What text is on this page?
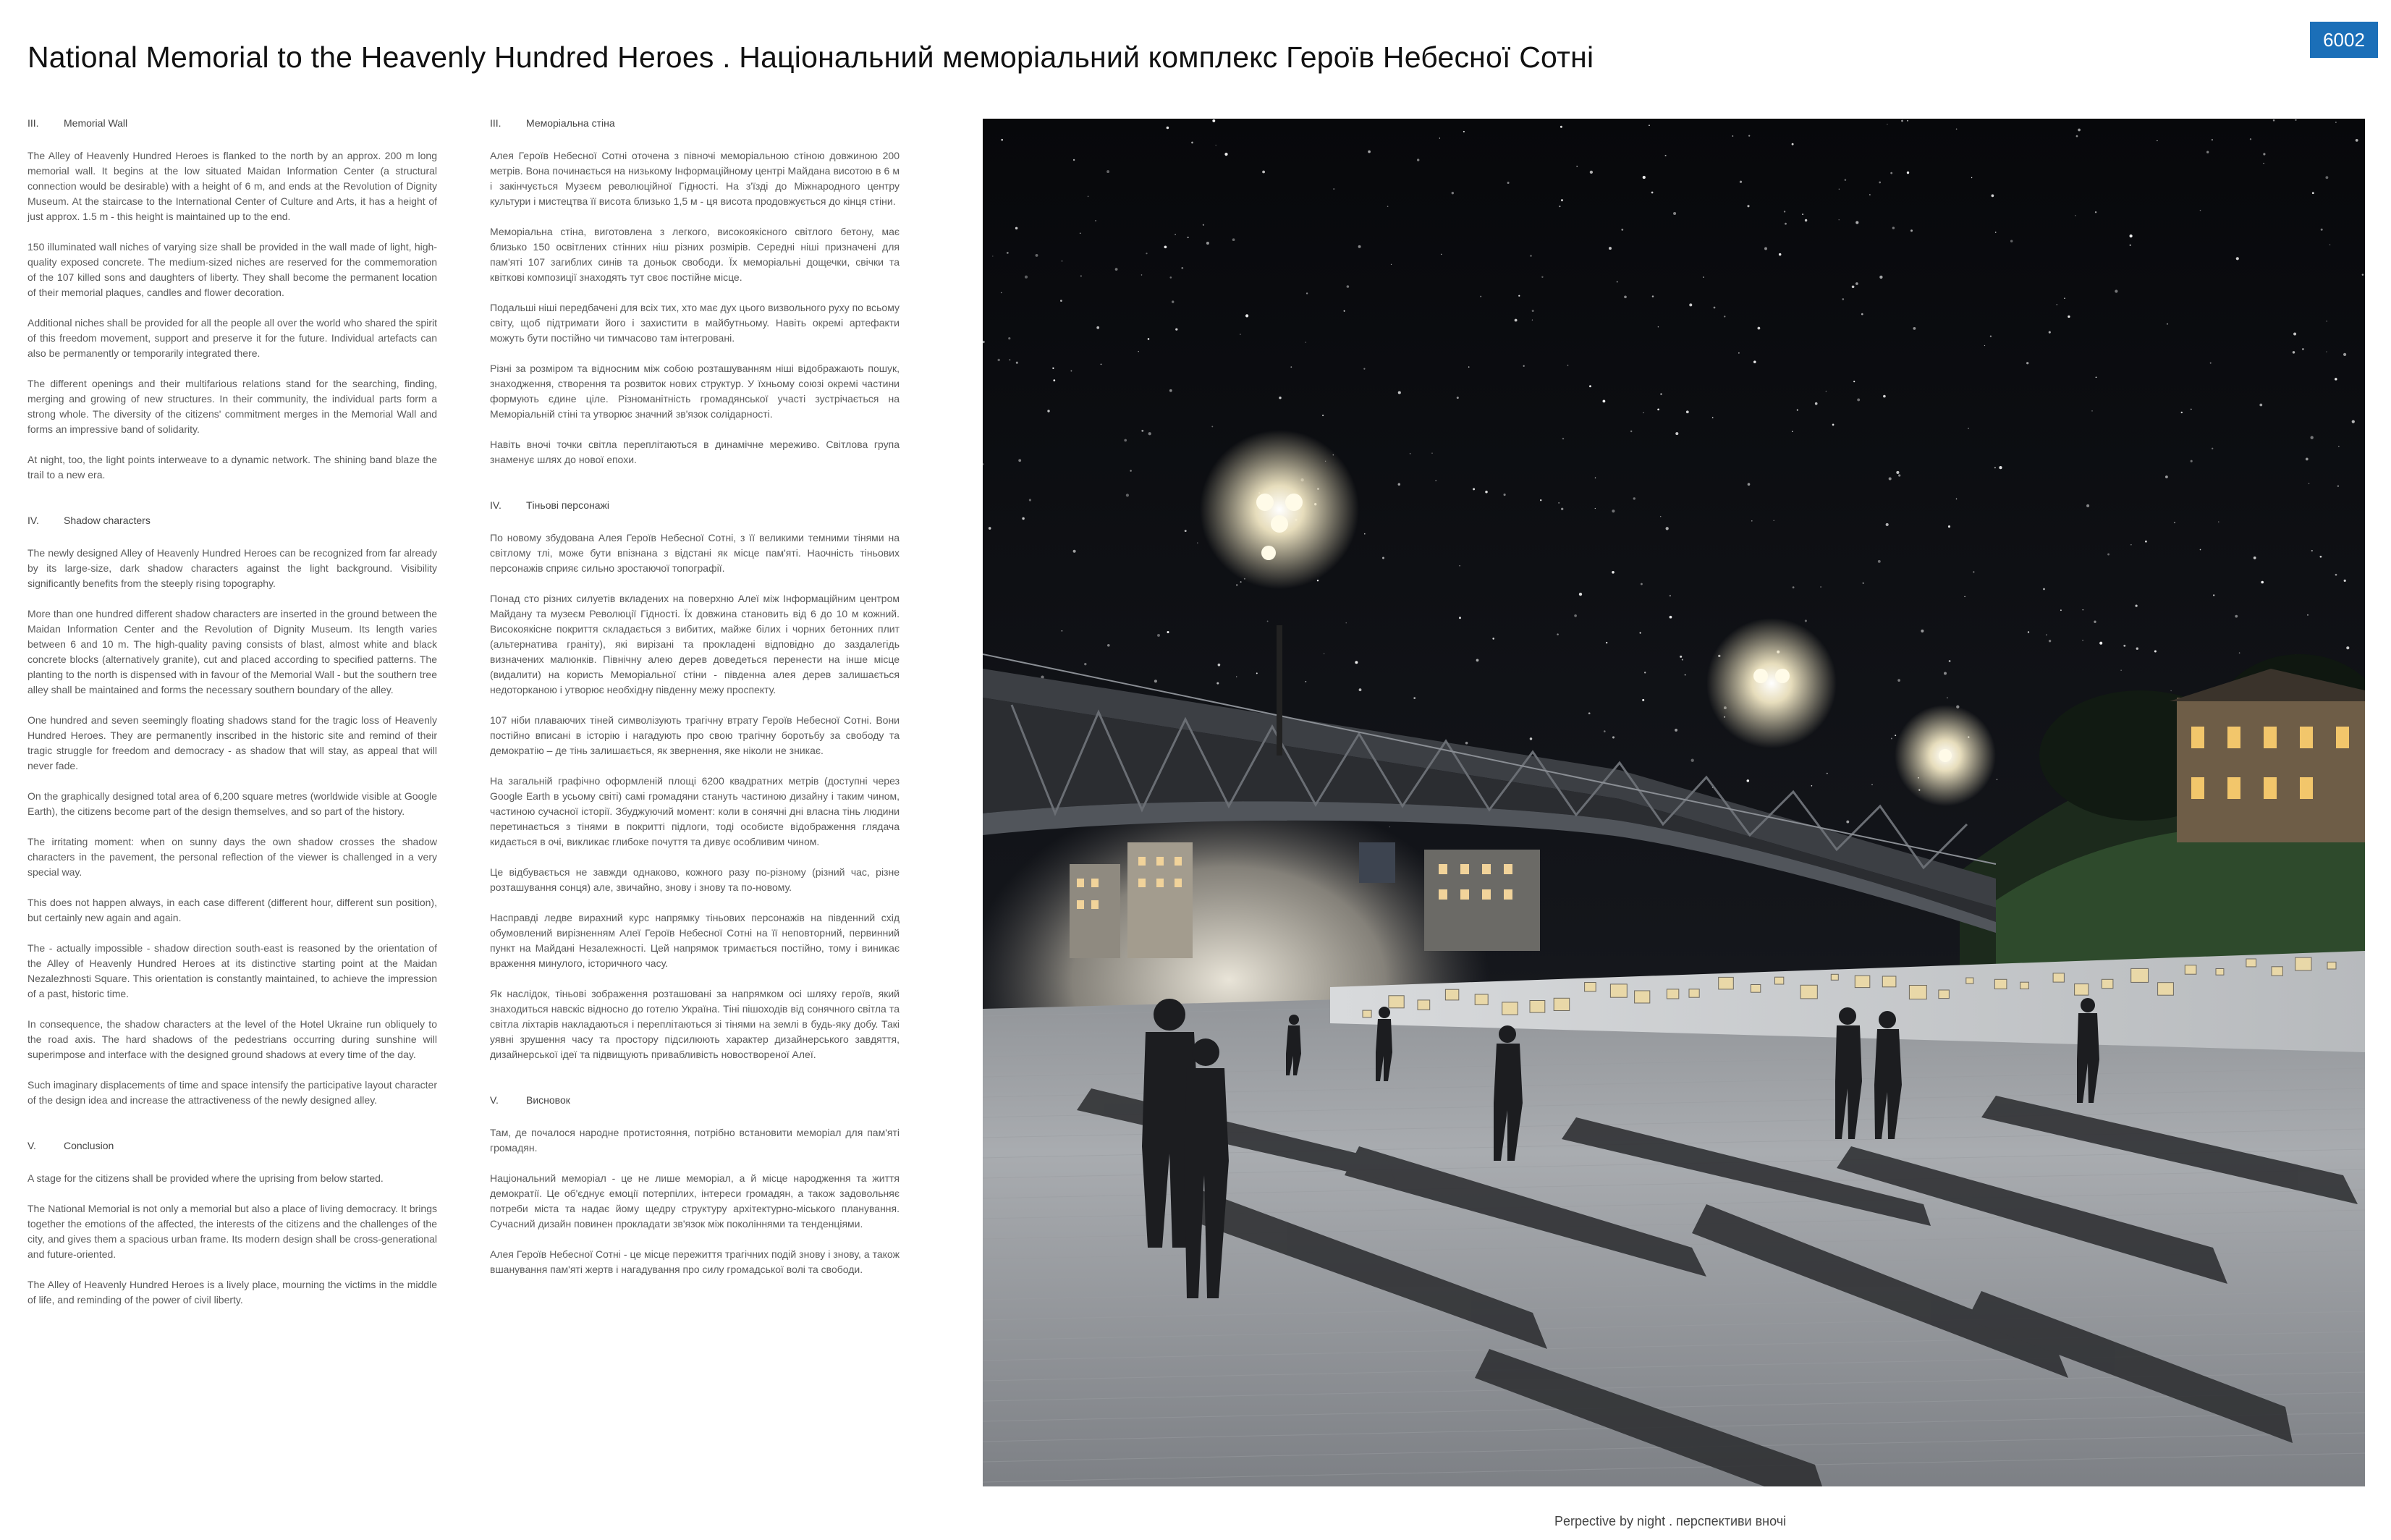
National Memorial to the Heavenly Hundred Heroes . Національний меморіальний комплекс Героїв Небесної Сотні
6002
III.	Memorial Wall

The Alley of Heavenly Hundred Heroes is flanked to the north by an approx. 200 m long memorial wall. It begins at the low situated Maidan Information Center (a structural connection would be desirable) with a height of 6 m, and ends at the Revolution of Dignity Museum. At the staircase to the International Center of Culture and Arts, it has a height of just approx. 1.5 m - this height is maintained up to the end.

150 illuminated wall niches of varying size shall be provided in the wall made of light, high-quality exposed concrete. The medium-sized niches are reserved for the commemoration of the 107 killed sons and daughters of liberty. They shall become the permanent location of their memorial plaques, candles and flower decoration.

Additional niches shall be provided for all the people all over the world who shared the spirit of this freedom movement, support and preserve it for the future. Individual artefacts can also be permanently or temporarily integrated there.

The different openings and their multifarious relations stand for the searching, finding, merging and growing of new structures. In their community, the individual parts form a strong whole. The diversity of the citizens' commitment merges in the Memorial Wall and forms an impressive band of solidarity.

At night, too, the light points interweave to a dynamic network. The shining band blaze the trail to a new era.

IV.	Shadow characters

The newly designed Alley of Heavenly Hundred Heroes can be recognized from far already by its large-size, dark shadow characters against the light background. Visibility significantly benefits from the steeply rising topography.

More than one hundred different shadow characters are inserted in the ground between the Maidan Information Center and the Revolution of Dignity Museum. Its length varies between 6 and 10 m. The high-quality paving consists of blast, almost white and black concrete blocks (alternatively granite), cut and placed according to specified patterns. The planting to the north is dispensed with in favour of the Memorial Wall - but the southern tree alley shall be maintained and forms the necessary southern boundary of the alley.

One hundred and seven seemingly floating shadows stand for the tragic loss of Heavenly Hundred Heroes. They are permanently inscribed in the historic site and remind of their tragic struggle for freedom and democracy - as shadow that will stay, as appeal that will never fade.

On the graphically designed total area of 6,200 square metres (worldwide visible at Google Earth), the citizens become part of the design themselves, and so part of the history.

The irritating moment: when on sunny days the own shadow crosses the shadow characters in the pavement, the personal reflection of the viewer is challenged in a very special way.

This does not happen always, in each case different (different hour, different sun position), but certainly new again and again.

The - actually impossible - shadow direction south-east is reasoned by the orientation of the Alley of Heavenly Hundred Heroes at its distinctive starting point at the Maidan Nezalezhnosti Square. This orientation is constantly maintained, to achieve the impression of a past, historic time.

In consequence, the shadow characters at the level of the Hotel Ukraine run obliquely to the road axis. The hard shadows of the pedestrians occurring during sunshine will superimpose and interface with the designed ground shadows at every time of the day.

Such imaginary displacements of time and space intensify the participative layout character of the design idea and increase the attractiveness of the newly designed alley.

V.	Conclusion

A stage for the citizens shall be provided where the uprising from below started.

The National Memorial is not only a memorial but also a place of living democracy. It brings together the emotions of the affected, the interests of the citizens and the challenges of the city, and gives them a spacious urban frame. Its modern design shall be cross-generational and future-oriented.

The Alley of Heavenly Hundred Heroes is a lively place, mourning the victims in the middle of life, and reminding of the power of civil liberty.

III.	Меморіальна стіна

Алея Героїв Небесної Сотні оточена з півночі меморіальною стіною довжиною 200 метрів. Вона починається на низькому Інформаційному центрі Майдана висотою в 6 м і закінчується Музеєм революційної Гідності. На з'їзді до Міжнародного центру культури і мистецтва її висота близько 1,5 м - ця висота продовжується до кінця стіни.

Меморіальна стіна, виготовлена з легкого, високоякісного світлого бетону, має близько 150 освітлених стінних ніш різних розмірів. Середні ніші призначені для пам'яті 107 загиблих синів та доньок свободи. Їх меморіальні дощечки, свічки та квіткові композиції знаходять тут своє постійне місце.

Подальші ніші передбачені для всіх тих, хто має дух цього визвольного руху по всьому світу, щоб підтримати його і захистити в майбутньому. Навіть окремі артефакти можуть бути постійно чи тимчасово там інтегровані.

Різні за розміром та відносним між собою розташуванням ніші відображають пошук, знаходження, створення та розвиток нових структур. У їхньому союзі окремі частини формують єдине ціле. Різноманітність громадянської участі зустрічається на Меморіальній стіні та утворює значний зв'язок солідарності.

Навіть вночі точки світла переплітаються в динамічне мереживо. Світлова група знаменує шлях до нової епохи.

IV.	Тіньові персонажі

По новому збудована Алея Героїв Небесної Сотні, з її великими темними тінями на світлому тлі, може бути впізнана з відстані як місце пам'яті. Наочність тіньових персонажів сприяє сильно зростаючої топографії.

Понад сто різних силуетів вкладених на поверхню Алеї між Інформаційним центром Майдану та музеєм Революції Гідності. Їх довжина становить від 6 до 10 м кожний. Високоякісне покриття складається з вибитих, майже білих і чорних бетонних плит (альтернатива граніту), які вирізані та прокладені відповідно до заздалегідь визначених малюнків. Північну алею дерев доведеться перенести на інше місце (видалити) на користь Меморіальної стіни - південна алея дерев залишається недоторканою і утворює необхідну південну межу проспекту.

107 ніби плаваючих тіней символізують трагічну втрату Героїв Небесної Сотні. Вони постійно вписані в історію і нагадують про свою трагічну боротьбу за свободу та демократію – де тінь залишається, як звернення, яке ніколи не зникає.

На загальній графічно оформленій площі 6200 квадратних метрів (доступні через Google Earth в усьому світі) самі громадяни стануть частиною дизайну і таким чином, частиною сучасної історії. Збуджуючий момент: коли в сонячні дні власна тінь людини перетинається з тінями в покритті підлоги, тоді особисте відображення глядача кидається в очі, викликає глибоке почуття та дивує особливим чином.

Це відбувається не завжди однаково, кожного разу по-різному (різний час, різне розташування сонця) але, звичайно, знову і знову та по-новому.

Насправді ледве вирахний курс напрямку тіньових персонажів на південний схід обумовлений вирізненням Алеї Героїв Небесної Сотні на її неповторний, первинний пункт на Майдані Незалежності. Цей напрямок тримається постійно, тому і виникає враження минулого, історичного часу.

Як наслідок, тіньові зображення розташовані за напрямком осі шляху героїв, який знаходиться навскіс відносно до готелю Україна. Тіні пішоходів від сонячного світла та світла ліхтарів накладаються і переплітаються зі тінями на землі в будь-яку добу. Такі уявні зрушення часу та простору підсилюють характер дизайнерського завдяття, дизайнерської ідеї та підвищують привабливість новоствореної Алеї.

V.	Висновок

Там, де почалося народне протистояння, потрібно встановити меморіал для пам'яті громадян.

Національний меморіал - це не лише меморіал, а й місце народження та життя демократії. Це об'єднує емоції потерпілих, інтереси громадян, а також задовольняє потреби міста та надає йому щедру структуру архітектурно-міського планування. Сучасний дизайн повинен прокладати зв'язок між поколіннями та тенденціями.

Алея Героїв Небесної Сотні - це місце пережиття трагічних подій знову і знову, а також вшанування пам'яті жертв і нагадування про силу громадської волі та свободи.

Perpective by night . перспективи вночі
